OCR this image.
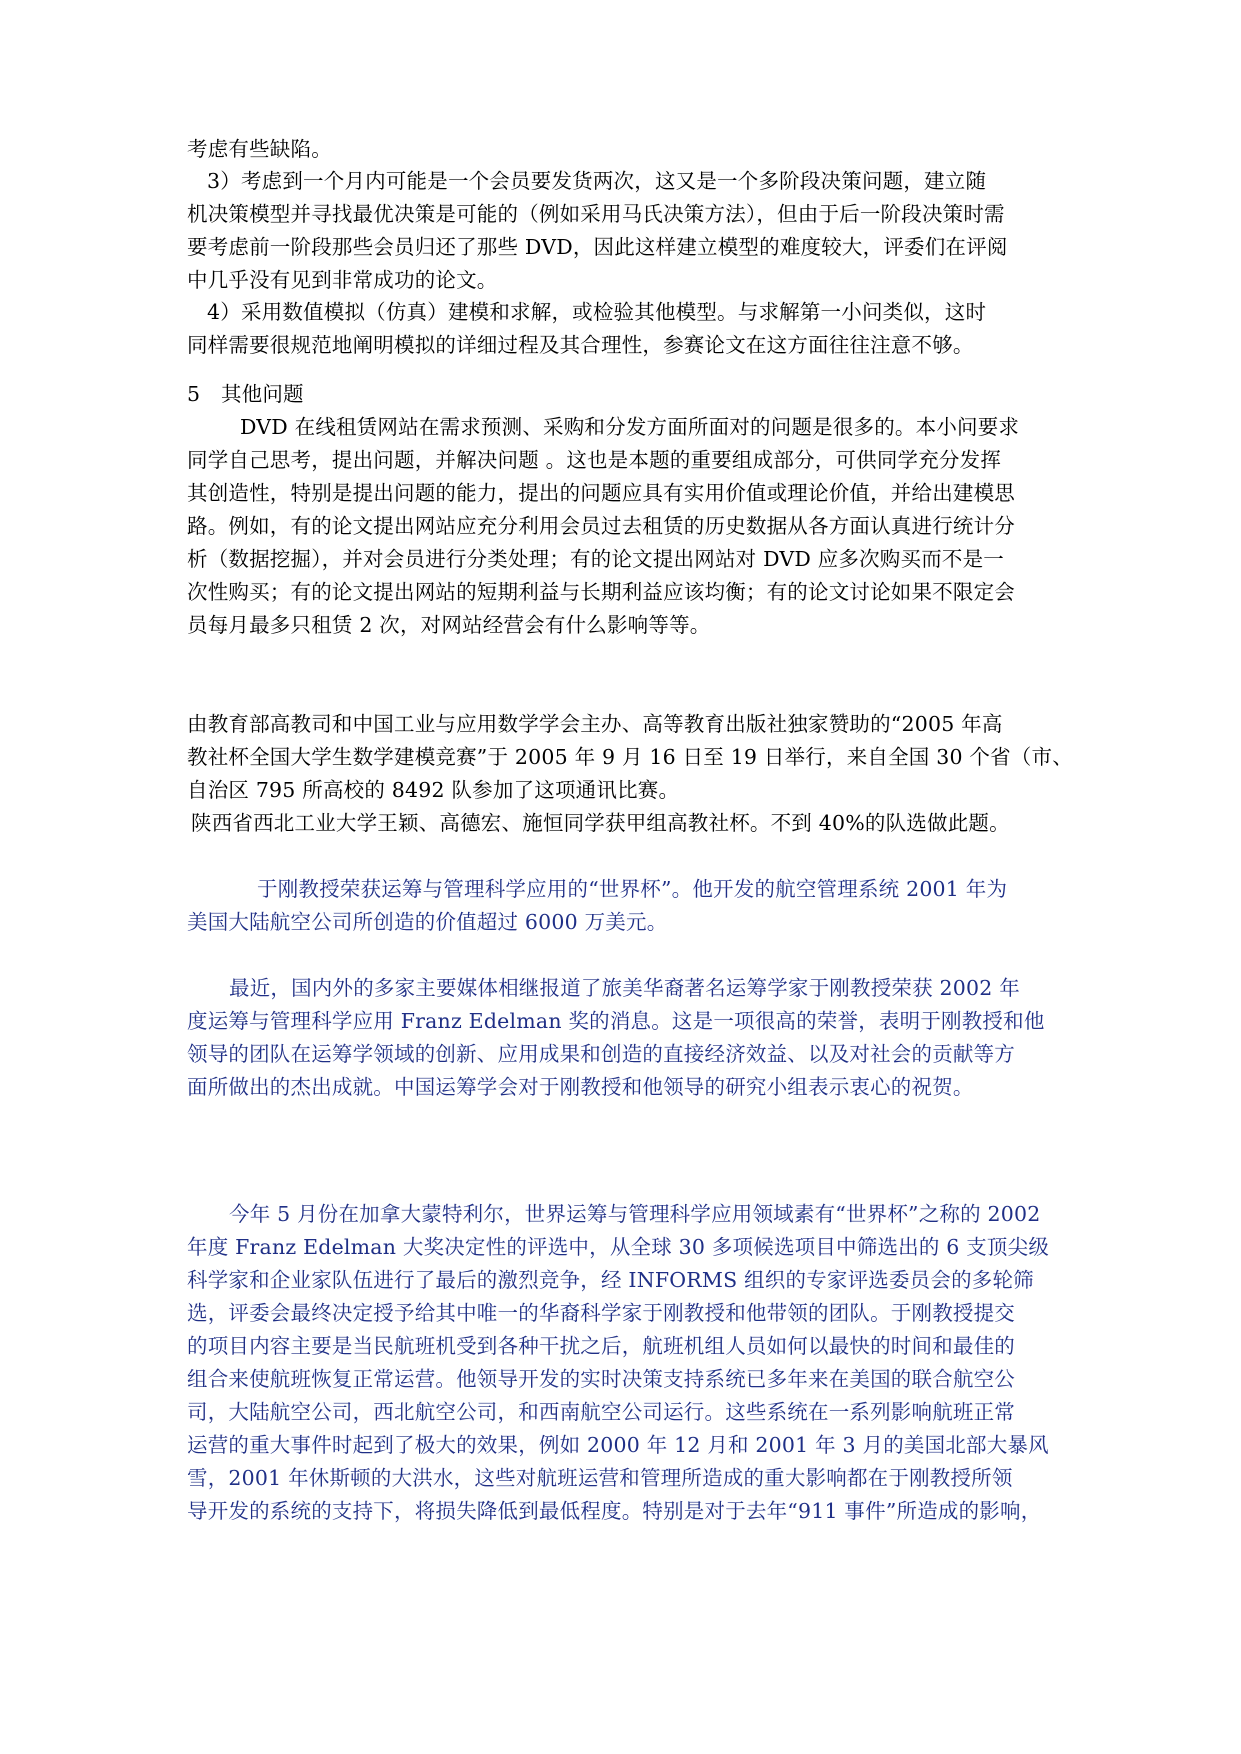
考虑有些缺陷。
3）考虑到一个月内可能是一个会员要发货两次，这又是一个多阶段决策问题，建立随
机决策模型并寻找最优决策是可能的（例如采用马氏决策方法），但由于后一阶段决策时需
要考虑前一阶段那些会员归还了那些 DVD，因此这样建立模型的难度较大，评委们在评阅
中几乎没有见到非常成功的论文。
4）采用数值模拟（仿真）建模和求解，或检验其他模型。与求解第一小问类似，这时
同样需要很规范地阐明模拟的详细过程及其合理性，参赛论文在这方面往往注意不够。
5　其他问题
DVD 在线租赁网站在需求预测、采购和分发方面所面对的问题是很多的。本小问要求
同学自己思考，提出问题，并解决问题 。这也是本题的重要组成部分，可供同学充分发挥
其创造性，特别是提出问题的能力，提出的问题应具有实用价值或理论价值，并给出建模思
路。例如，有的论文提出网站应充分利用会员过去租赁的历史数据从各方面认真进行统计分
析（数据挖掘），并对会员进行分类处理；有的论文提出网站对 DVD 应多次购买而不是一
次性购买；有的论文提出网站的短期利益与长期利益应该均衡；有的论文讨论如果不限定会
员每月最多只租赁 2 次，对网站经营会有什么影响等等。
由教育部高教司和中国工业与应用数学学会主办、高等教育出版社独家赞助的“2005 年高
教社杯全国大学生数学建模竞赛”于 2005 年 9 月 16 日至 19 日举行，来自全国 30 个省（市、
自治区 795 所高校的 8492 队参加了这项通讯比赛。
陕西省西北工业大学王颖、高德宏、施恒同学获甲组高教社杯。不到 40%的队选做此题。
于刚教授荣获运筹与管理科学应用的“世界杯”。他开发的航空管理系统 2001 年为
美国大陆航空公司所创造的价值超过 6000 万美元。
最近，国内外的多家主要媒体相继报道了旅美华裔著名运筹学家于刚教授荣获 2002 年
度运筹与管理科学应用 Franz Edelman 奖的消息。这是一项很高的荣誉，表明于刚教授和他
领导的团队在运筹学领域的创新、应用成果和创造的直接经济效益、以及对社会的贡献等方
面所做出的杰出成就。中国运筹学会对于刚教授和他领导的研究小组表示衷心的祝贺。
今年 5 月份在加拿大蒙特利尔，世界运筹与管理科学应用领域素有“世界杯”之称的 2002
年度 Franz Edelman 大奖决定性的评选中，从全球 30 多项候选项目中筛选出的 6 支顶尖级
科学家和企业家队伍进行了最后的激烈竞争，经 INFORMS 组织的专家评选委员会的多轮筛
选，评委会最终决定授予给其中唯一的华裔科学家于刚教授和他带领的团队。于刚教授提交
的项目内容主要是当民航班机受到各种干扰之后，航班机组人员如何以最快的时间和最佳的
组合来使航班恢复正常运营。他领导开发的实时决策支持系统已多年来在美国的联合航空公
司，大陆航空公司，西北航空公司，和西南航空公司运行。这些系统在一系列影响航班正常
运营的重大事件时起到了极大的效果，例如 2000 年 12 月和 2001 年 3 月的美国北部大暴风
雪，2001 年休斯顿的大洪水，这些对航班运营和管理所造成的重大影响都在于刚教授所领
导开发的系统的支持下，将损失降低到最低程度。特别是对于去年“911 事件”所造成的影响，
